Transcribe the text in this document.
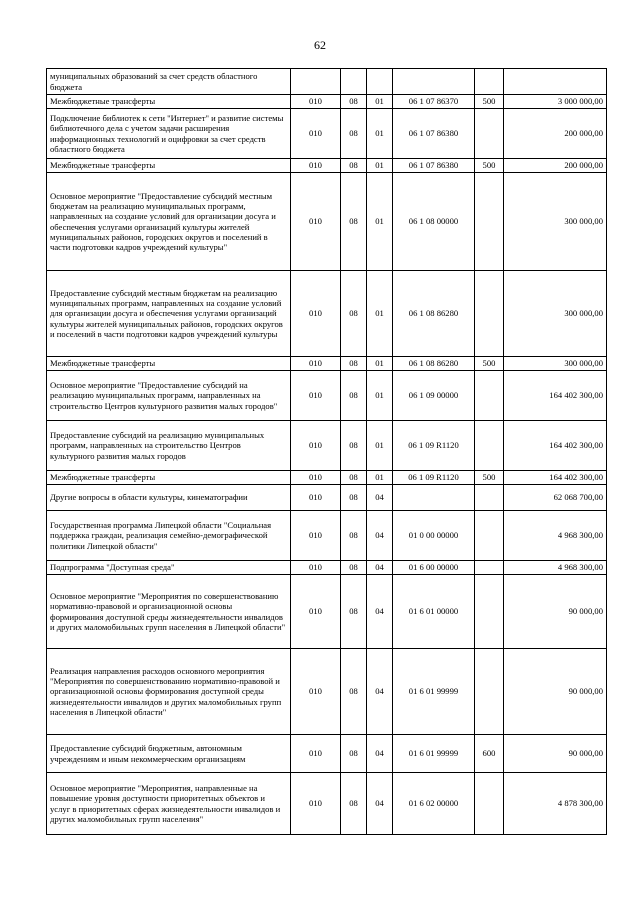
62
муниципальных образований за счет средств областного бюджета						
Межбюджетные трансферты	010	08	01	06 1 07 86370	500	3 000 000,00
Подключение библиотек к сети "Интернет" и развитие системы библиотечного дела с учетом задачи расширения информационных технологий и оцифровки за счет средств областного бюджета	010	08	01	06 1 07 86380		200 000,00
Межбюджетные трансферты	010	08	01	06 1 07 86380	500	200 000,00
Основное мероприятие "Предоставление субсидий местным бюджетам на реализацию муниципальных программ, направленных на создание условий для организации досуга и обеспечения услугами организаций культуры жителей муниципальных районов, городских округов и поселений в части подготовки кадров учреждений культуры"	010	08	01	06 1 08 00000		300 000,00
Предоставление субсидий местным бюджетам на реализацию муниципальных программ, направленных на создание условий для организации досуга и обеспечения услугами организаций культуры жителей муниципальных районов, городских округов и поселений в части подготовки кадров учреждений культуры	010	08	01	06 1 08 86280		300 000,00
Межбюджетные трансферты	010	08	01	06 1 08 86280	500	300 000,00
Основное мероприятие "Предоставление субсидий на реализацию муниципальных программ, направленных на строительство Центров культурного развития малых городов"	010	08	01	06 1 09 00000		164 402 300,00
Предоставление субсидий на реализацию муниципальных программ, направленных на строительство Центров культурного развития малых городов	010	08	01	06 1 09 R1120		164 402 300,00
Межбюджетные трансферты	010	08	01	06 1 09 R1120	500	164 402 300,00
Другие вопросы в области культуры, кинематографии	010	08	04			62 068 700,00
Государственная программа Липецкой области "Социальная поддержка граждан, реализация семейно-демографической политики Липецкой области"	010	08	04	01 0 00 00000		4 968 300,00
Подпрограмма "Доступная среда"	010	08	04	01 6 00 00000		4 968 300,00
Основное мероприятие "Мероприятия по совершенствованию нормативно-правовой и организационной основы формирования доступной среды жизнедеятельности инвалидов и других маломобильных групп населения в Липецкой области"	010	08	04	01 6 01 00000		90 000,00
Реализация направления расходов основного мероприятия "Мероприятия по совершенствованию нормативно-правовой и организационной основы формирования доступной среды жизнедеятельности инвалидов и других маломобильных групп населения в Липецкой области"	010	08	04	01 6 01 99999		90 000,00
Предоставление субсидий бюджетным, автономным учреждениям и иным некоммерческим организациям	010	08	04	01 6 01 99999	600	90 000,00
Основное мероприятие "Мероприятия, направленные на повышение уровня доступности приоритетных объектов и услуг в приоритетных сферах жизнедеятельности инвалидов и других маломобильных групп населения"	010	08	04	01 6 02 00000		4 878 300,00
